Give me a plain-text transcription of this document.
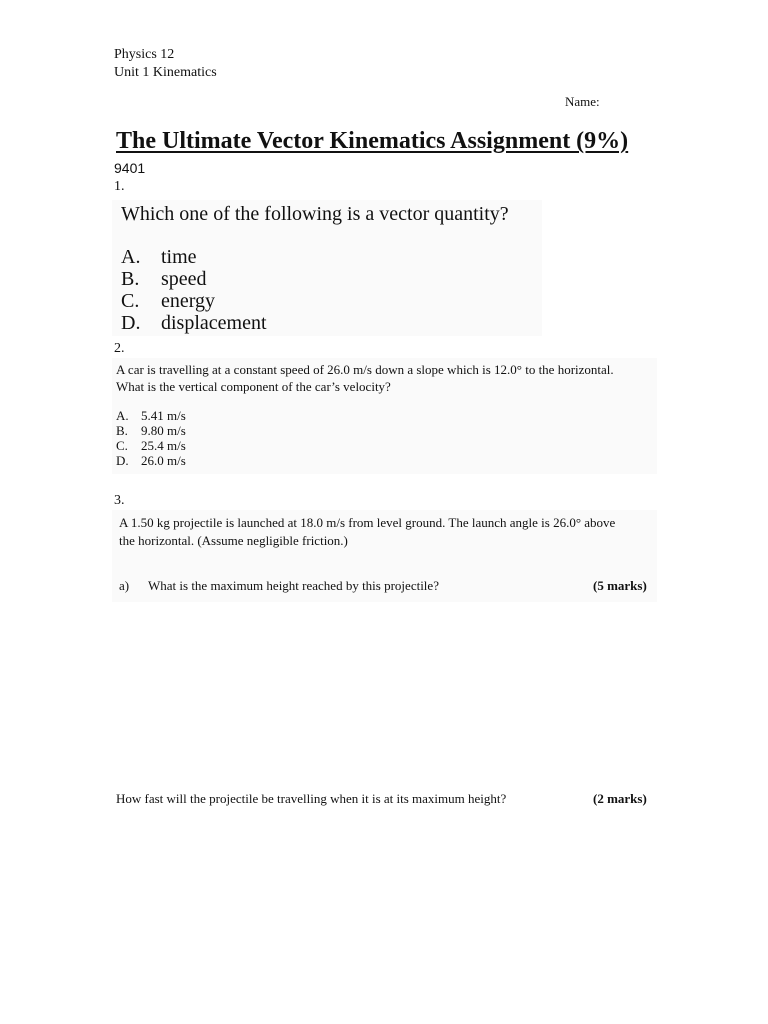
Physics 12
Unit 1 Kinematics
Name:
The Ultimate Vector Kinematics Assignment (9%)
9401
1.
Which one of the following is a vector quantity?
A.	time
B.	speed
C.	energy
D.	displacement
2.
A car is travelling at a constant speed of 26.0 m/s down a slope which is 12.0° to the horizontal.
What is the vertical component of the car’s velocity?
A. 5.41 m/s
B.	9.80 m/s
C.	25.4 m/s
D. 26.0 m/s
3.
A 1.50 kg projectile is launched at 18.0 m/s from level ground. The launch angle is 26.0° above
the horizontal. (Assume negligible friction.)
a) What is the maximum height reached by this projectile?	(5 marks)
How fast will the projectile be travelling when it is at its maximum height?	(2 marks)
